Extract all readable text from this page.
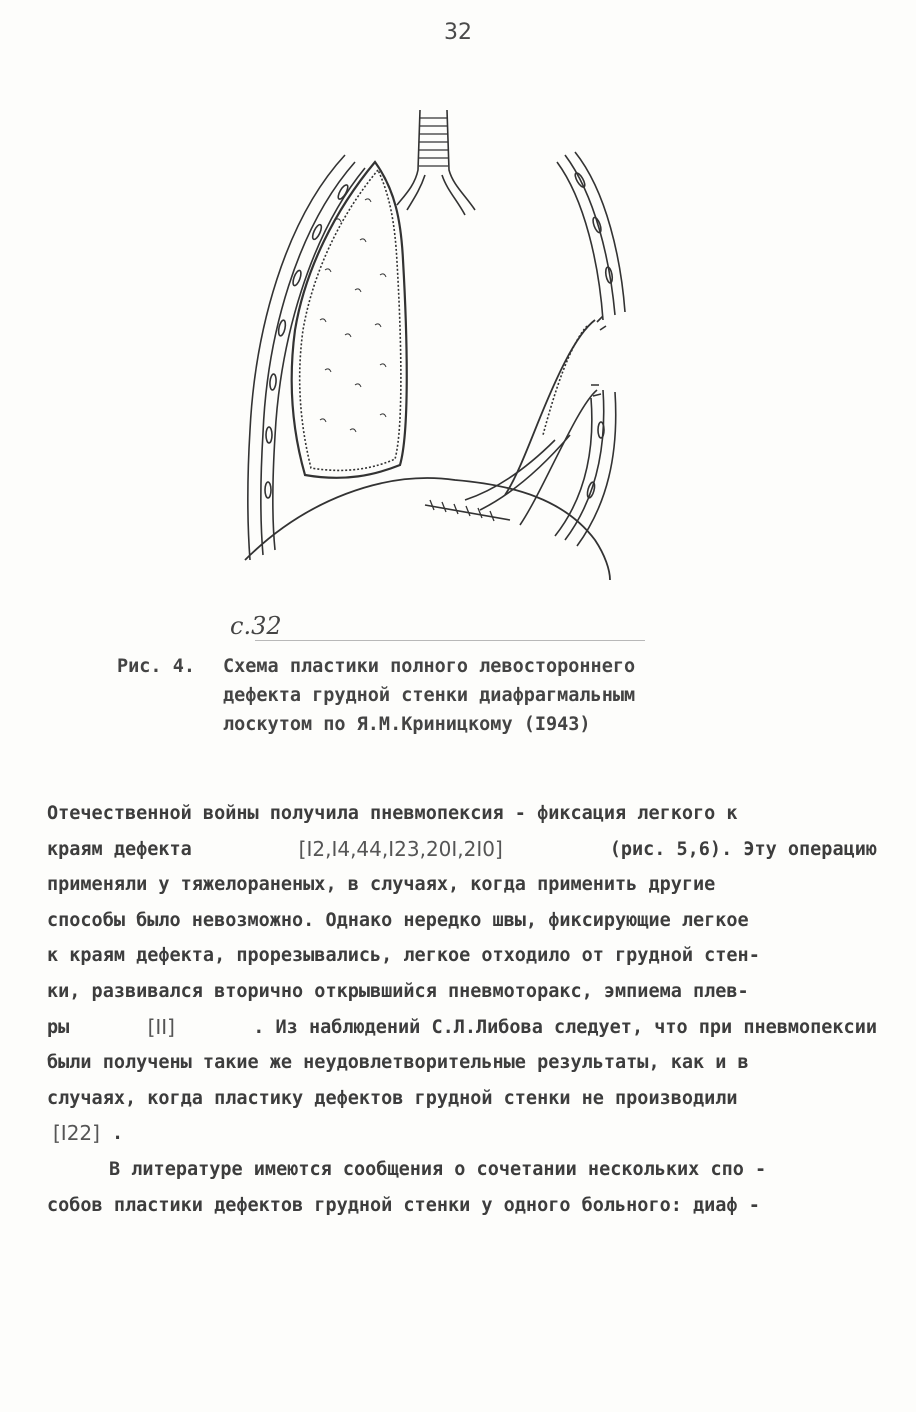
32
c.32
Рис. 4. Схема пластики полного левостороннего
дефекта грудной стенки диафрагмальным
лоскутом по Я.М.Криницкому (I943)
Отечественной войны получила пневмопексия - фиксация легкого к
краям дефекта	[I2,I4,44,I23,20I,2I0]	(рис. 5,6). Эту операцию
применяли у тяжелораненых, в случаях, когда применить другие
способы было невозможно. Однако нередко швы, фиксирующие легкое
к краям дефекта, прорезывались, легкое отходило от грудной стен-
ки, развивался вторично открывшийся пневмоторакс, эмпиема плев-
ры	[II]	. Из наблюдений С.Л.Либова следует, что при пневмопексии
были получены такие же неудовлетворительные результаты, как и в
случаях, когда пластику дефектов грудной стенки не производили
[I22] .
В литературе имеются сообщения о сочетании нескольких спо -
собов пластики дефектов грудной стенки у одного больного: диаф -
